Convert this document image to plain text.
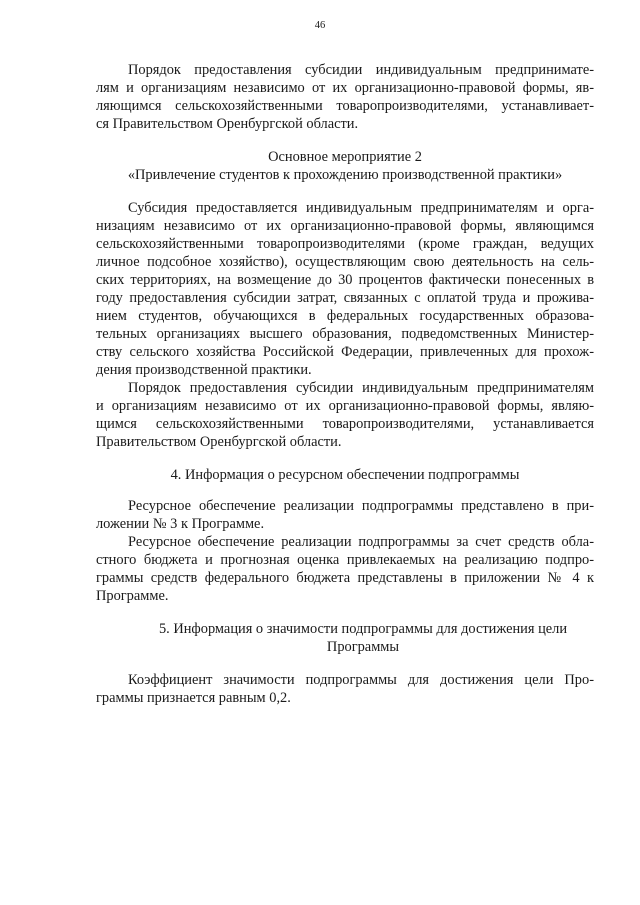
46
Порядок предоставления субсидии индивидуальным предпринимате-
лям и организациям независимо от их организационно-правовой формы, яв-
ляющимся сельскохозяйственными товаропроизводителями, устанавливает-
ся Правительством Оренбургской области.
Основное мероприятие 2
«Привлечение студентов к прохождению производственной практики»
Субсидия предоставляется индивидуальным предпринимателям и орга-
низациям независимо от их организационно-правовой формы, являющимся
сельскохозяйственными товаропроизводителями (кроме граждан, ведущих
личное подсобное хозяйство), осуществляющим свою деятельность на сель-
ских территориях, на возмещение до 30 процентов фактически понесенных в
году предоставления субсидии затрат, связанных с оплатой труда и прожива-
нием студентов, обучающихся в федеральных государственных образова-
тельных организациях высшего образования, подведомственных Министер-
ству сельского хозяйства Российской Федерации, привлеченных для прохож-
дения производственной практики.
Порядок предоставления субсидии индивидуальным предпринимателям
и организациям независимо от их организационно-правовой формы, являю-
щимся сельскохозяйственными товаропроизводителями, устанавливается
Правительством Оренбургской области.
4. Информация о ресурсном обеспечении подпрограммы
Ресурсное обеспечение реализации подпрограммы представлено в при-
ложении № 3 к Программе.
Ресурсное обеспечение реализации подпрограммы за счет средств обла-
стного бюджета и прогнозная оценка привлекаемых на реализацию подпро-
граммы средств федерального бюджета представлены в приложении № 4 к
Программе.
5. Информация о значимости подпрограммы для достижения цели
Программы
Коэффициент значимости подпрограммы для достижения цели Про-
граммы признается равным 0,2.
